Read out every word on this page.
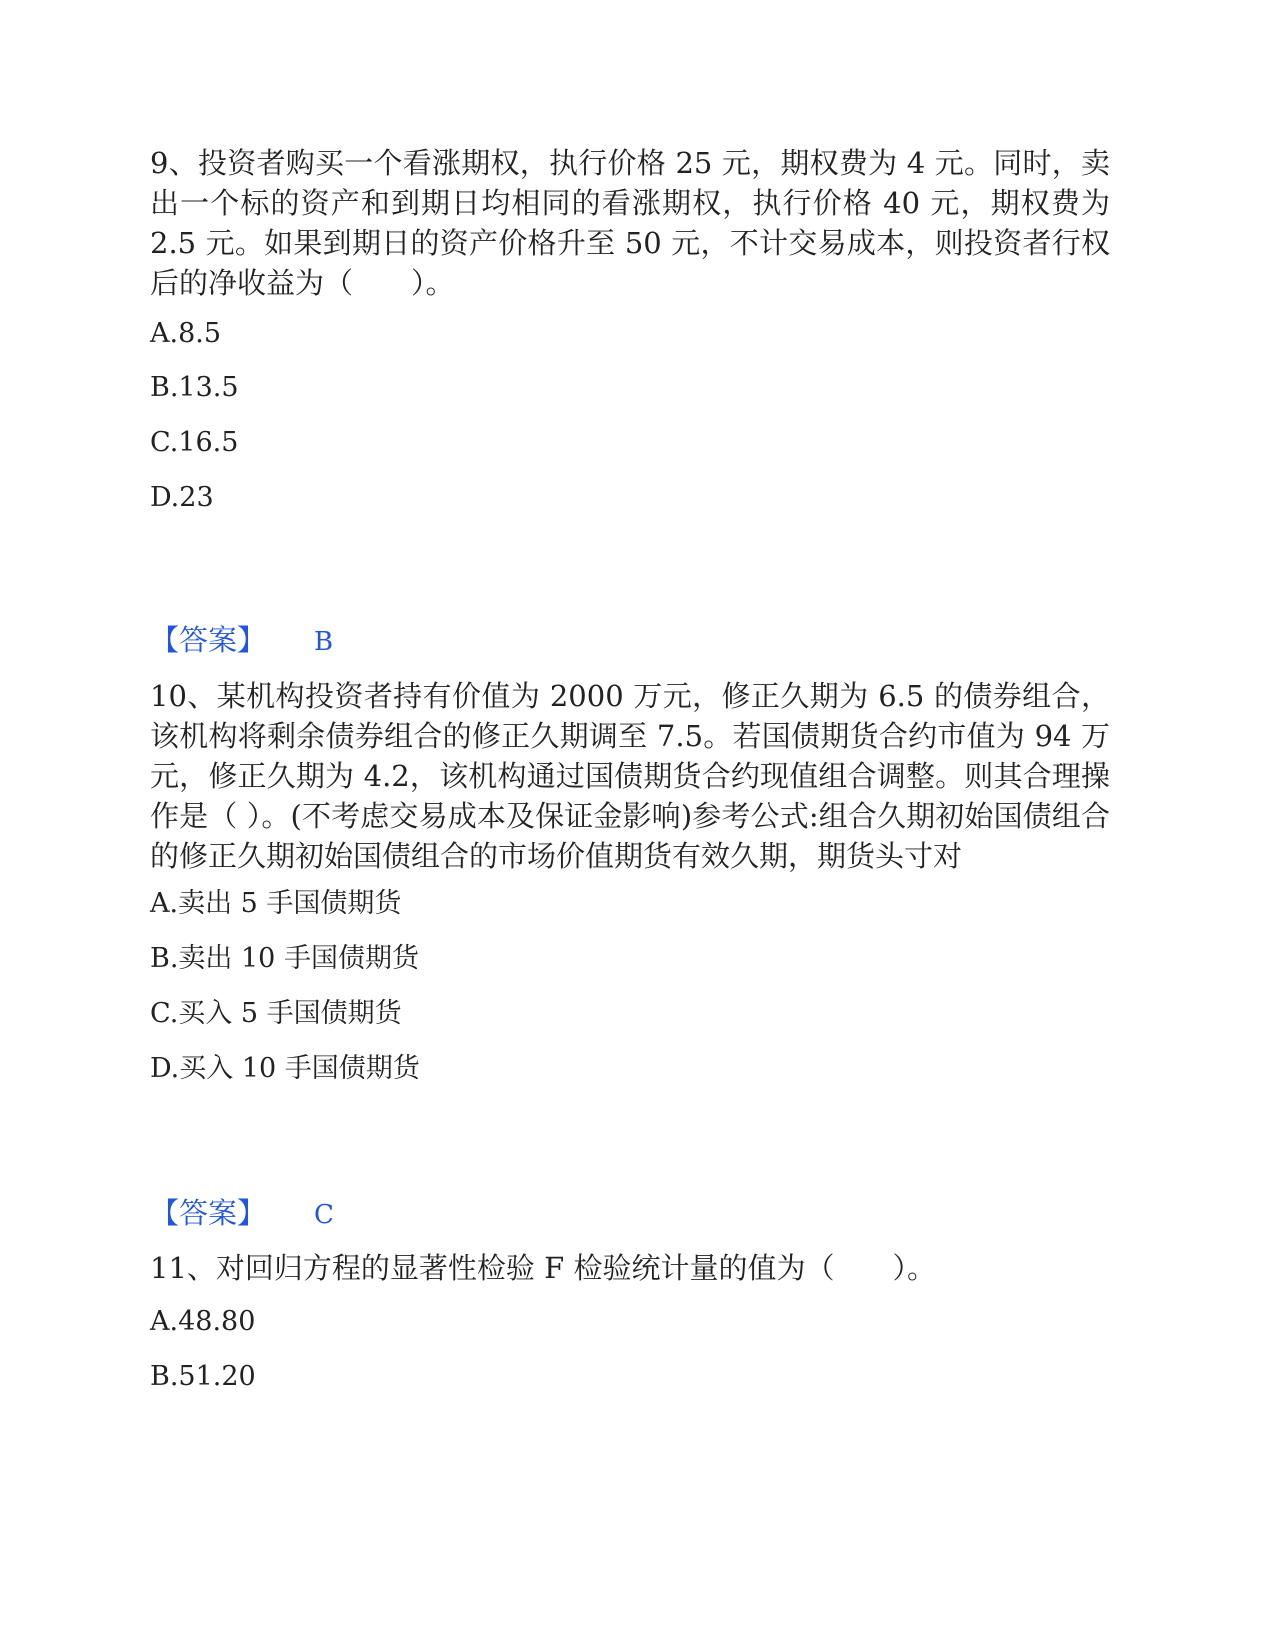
9、投资者购买一个看涨期权，执行价格 25 元，期权费为 4 元。同时，卖出一个标的资产和到期日均相同的看涨期权，执行价格 40 元，期权费为 2.5 元。如果到期日的资产价格升至 50 元，不计交易成本，则投资者行权后的净收益为（　　）。

A.8.5

B.13.5

C.16.5

D.23

【答案】 B

10、某机构投资者持有价值为 2000 万元，修正久期为 6.5 的债券组合，该机构将剩余债券组合的修正久期调至 7.5。若国债期货合约市值为 94 万元，修正久期为 4.2，该机构通过国债期货合约现值组合调整。则其合理操作是（ ）。(不考虑交易成本及保证金影响)参考公式:组合久期初始国债组合的修正久期初始国债组合的市场价值期货有效久期，期货头寸对

A.卖出 5 手国债期货

B.卖出 10 手国债期货

C.买入 5 手国债期货

D.买入 10 手国债期货

【答案】 C

11、对回归方程的显著性检验 F 检验统计量的值为（　　）。

A.48.80

B.51.20
